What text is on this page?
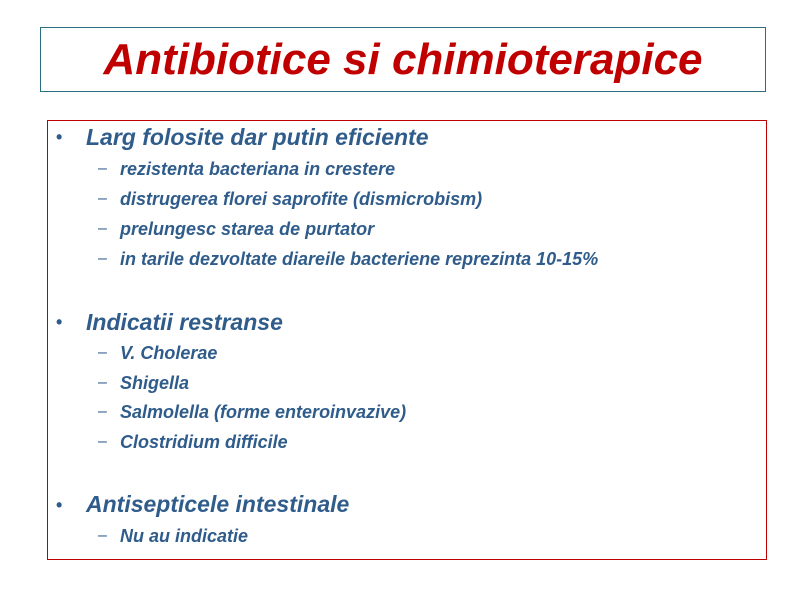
Antibiotice si chimioterapice
• Larg folosite dar putin eficiente
– rezistenta bacteriana in crestere
– distrugerea florei saprofite (dismicrobism)
– prelungesc starea de purtator
– in tarile dezvoltate diareile bacteriene reprezinta 10-15%
• Indicatii restranse
– V. Cholerae
– Shigella
– Salmolella (forme enteroinvazive)
– Clostridium difficile
• Antisepticele intestinale
– Nu au indicatie
